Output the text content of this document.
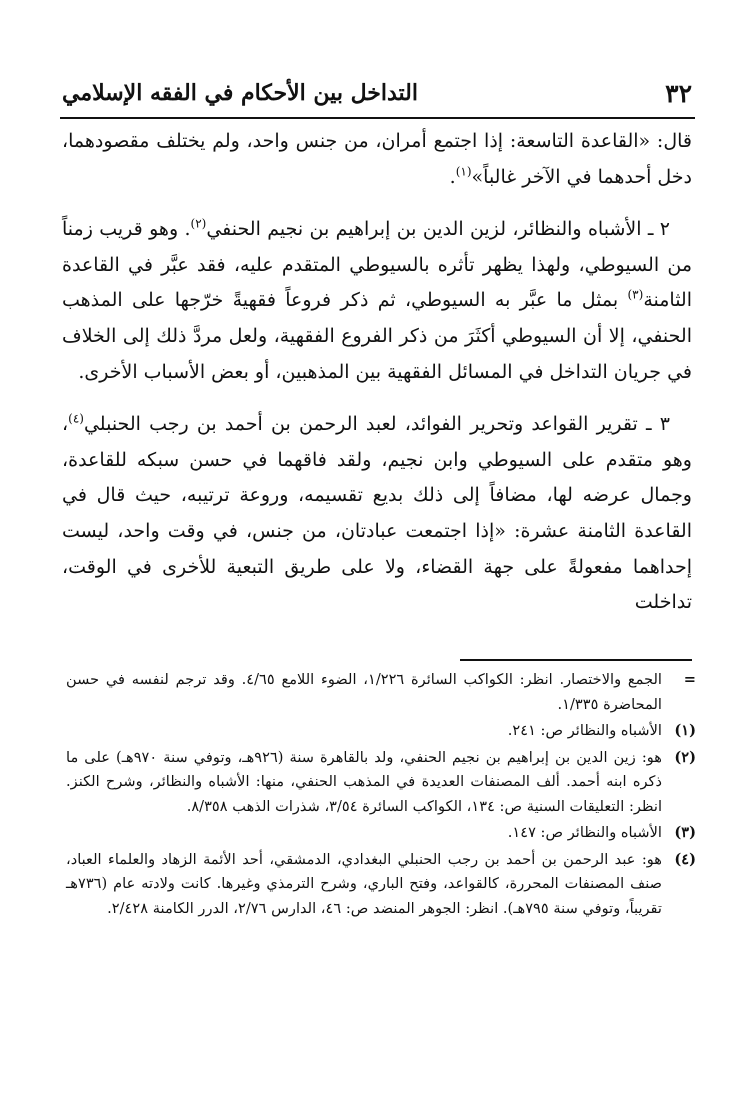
٣٢
التداخل بين الأحكام في الفقه الإسلامي

قال: «القاعدة التاسعة: إذا اجتمع أمران، من جنس واحد، ولم يختلف مقصودهما، دخل أحدهما في الآخر غالباً»$^{(١)}$.

٢ ـ الأشباه والنظائر، لزين الدين بن إبراهيم بن نجيم الحنفي$^{(٢)}$. وهو قريب زمناً من السيوطي، ولهذا يظهر تأثره بالسيوطي المتقدم عليه، فقد عبَّر في القاعدة الثامنة$^{(٣)}$ بمثل ما عبَّر به السيوطي، ثم ذكر فروعاً فقهيةً خرّجها على المذهب الحنفي، إلا أن السيوطي أكثَرَ من ذكر الفروع الفقهية، ولعل مردَّ ذلك إلى الخلاف في جريان التداخل في المسائل الفقهية بين المذهبين، أو بعض الأسباب الأخرى.

٣ ـ تقرير القواعد وتحرير الفوائد، لعبد الرحمن بن أحمد بن رجب الحنبلي$^{(٤)}$، وهو متقدم على السيوطي وابن نجيم، ولقد فاقهما في حسن سبكه للقاعدة، وجمال عرضه لها، مضافاً إلى ذلك بديع تقسيمه، وروعة ترتيبه، حيث قال في القاعدة الثامنة عشرة: «إذا اجتمعت عبادتان، من جنس، في وقت واحد، ليست إحداهما مفعولةً على جهة القضاء، ولا على طريق التبعية للأخرى في الوقت، تداخلت

=
الجمع والاختصار. انظر: الكواكب السائرة ١/٢٢٦، الضوء اللامع ٤/٦٥. وقد ترجم لنفسه في حسن المحاضرة ١/٣٣٥.
(١)
الأشباه والنظائر ص: ٢٤١.
(٢)
هو: زين الدين بن إبراهيم بن نجيم الحنفي، ولد بالقاهرة سنة (٩٢٦هـ، وتوفي سنة ٩٧٠هـ) على ما ذكره ابنه أحمد. ألف المصنفات العديدة في المذهب الحنفي، منها: الأشباه والنظائر، وشرح الكنز. انظر: التعليقات السنية ص: ١٣٤، الكواكب السائرة ٣/٥٤، شذرات الذهب ٨/٣٥٨.
(٣)
الأشباه والنظائر ص: ١٤٧.
(٤)
هو: عبد الرحمن بن أحمد بن رجب الحنبلي البغدادي، الدمشقي، أحد الأئمة الزهاد والعلماء العباد، صنف المصنفات المحررة، كالقواعد، وفتح الباري، وشرح الترمذي وغيرها. كانت ولادته عام (٧٣٦هـ تقريباً، وتوفي سنة ٧٩٥هـ). انظر: الجوهر المنضد ص: ٤٦، الدارس ٢/٧٦، الدرر الكامنة ٢/٤٢٨.
